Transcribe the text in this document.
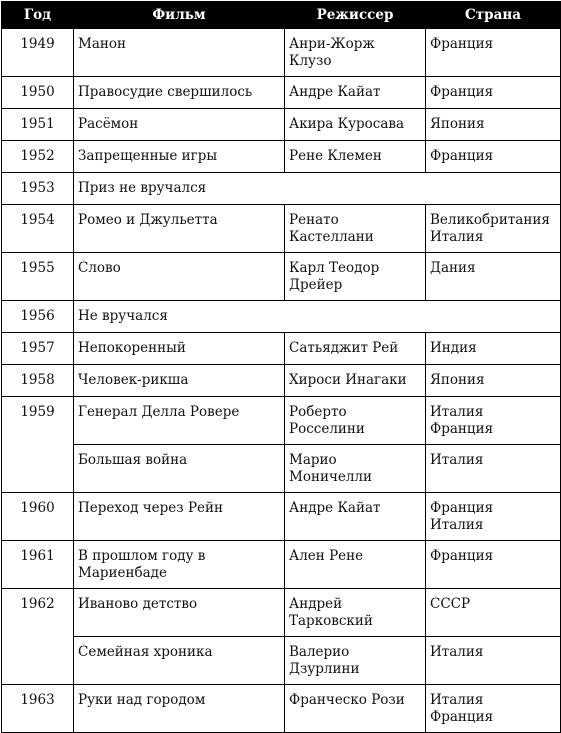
Год	Фильм	Режиссер	Страна
1949	Манон	Анри-Жорж Клузо	Франция

1950	Правосудие свершилось	Андре Кайат	Франция

1951	Расёмон	Акира Куросава	Япония

1952	Запрещенные игры	Рене Клемен	Франция

1953	Приз не вручался		
1954	Ромео и Джульетта	Ренато Кастеллани	Великобритания
Италия

1955	Слово	Карл Теодор Дрейер	Дания

1956	Не вручался		
1957	Непокоренный	Сатьяджит Рей	Индия

1958	Человек-рикша	Хироси Инагаки	Япония

1959	Генерал Делла Ровере	Роберто Росселини	Италия
Франция

	Большая война	Марио Моничелли	Италия

1960	Переход через Рейн	Андре Кайат	Франция
Италия

1961	В прошлом году в Мариенбаде	Ален Рене	Франция

1962	Иваново детство	Андрей Тарковский	СССР

	Семейная хроника	Валерио Дзурлини	Италия

1963	Руки над городом	Франческо Рози	Италия
Франция
